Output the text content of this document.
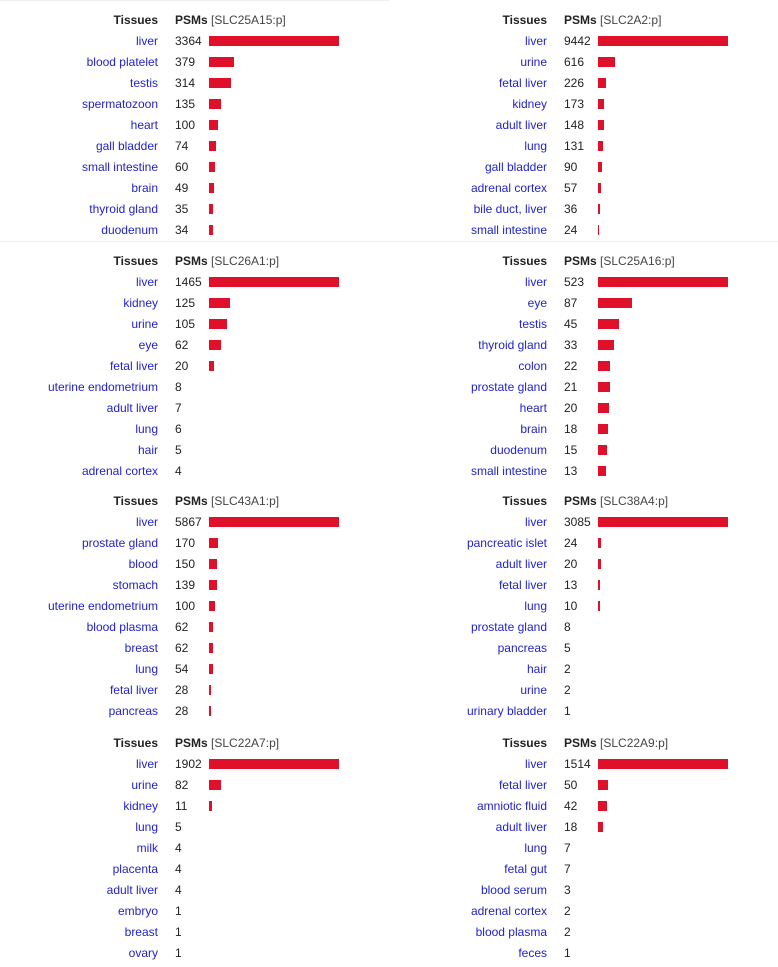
Tissues PSMs [SLC25A15:p]
liver 3364
blood platelet 379
testis 314
spermatozoon 135
heart 100
gall bladder 74
small intestine 60
brain 49
thyroid gland 35
duodenum 34
Tissues PSMs [SLC2A2:p]
liver 9442
urine 616
fetal liver 226
kidney 173
adult liver 148
lung 131
gall bladder 90
adrenal cortex 57
bile duct, liver 36
small intestine 24
Tissues PSMs [SLC26A1:p]
liver 1465
kidney 125
urine 105
eye 62
fetal liver 20
uterine endometrium 8
adult liver 7
lung 6
hair 5
adrenal cortex 4
Tissues PSMs [SLC25A16:p]
liver 523
eye 87
testis 45
thyroid gland 33
colon 22
prostate gland 21
heart 20
brain 18
duodenum 15
small intestine 13
Tissues PSMs [SLC43A1:p]
liver 5867
prostate gland 170
blood 150
stomach 139
uterine endometrium 100
blood plasma 62
breast 62
lung 54
fetal liver 28
pancreas 28
Tissues PSMs [SLC38A4:p]
liver 3085
pancreatic islet 24
adult liver 20
fetal liver 13
lung 10
prostate gland 8
pancreas 5
hair 2
urine 2
urinary bladder 1
Tissues PSMs [SLC22A7:p]
liver 1902
urine 82
kidney 11
lung 5
milk 4
placenta 4
adult liver 4
embryo 1
breast 1
ovary 1
Tissues PSMs [SLC22A9:p]
liver 1514
fetal liver 50
amniotic fluid 42
adult liver 18
lung 7
fetal gut 7
blood serum 3
adrenal cortex 2
blood plasma 2
feces 1
